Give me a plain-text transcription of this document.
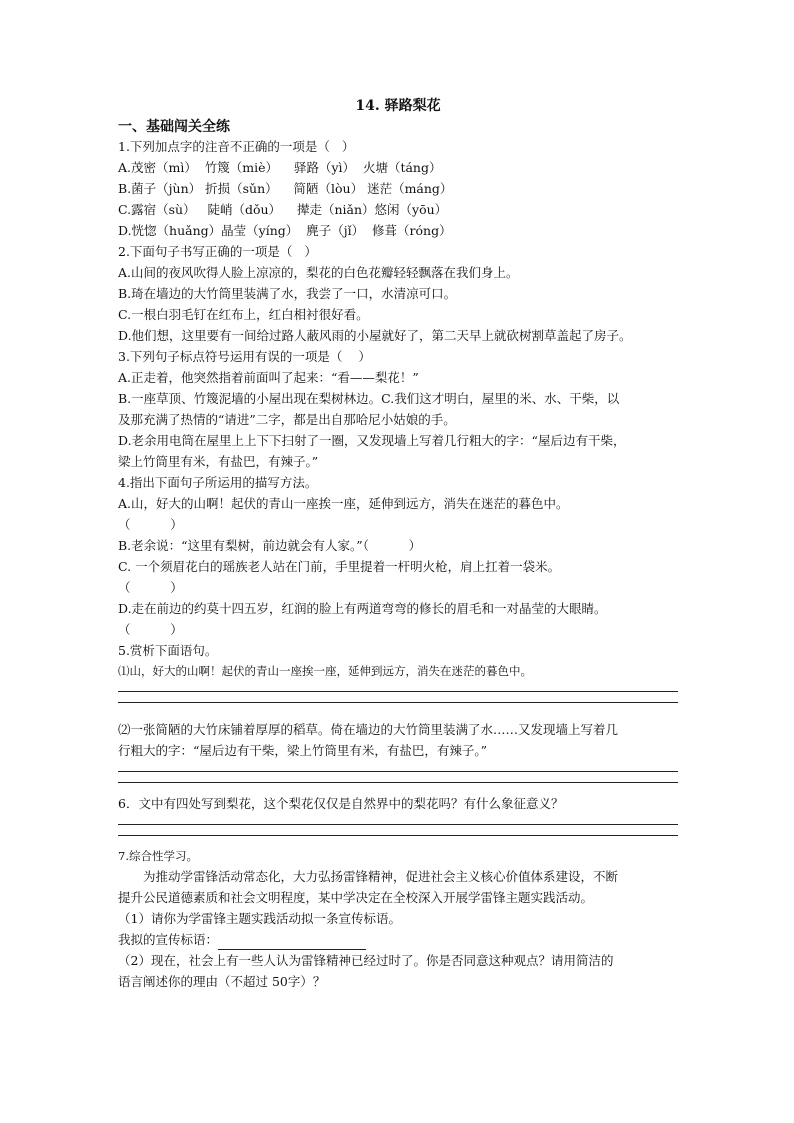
14. 驿路梨花
一、基础闯关全练

1.下列加点字的注音不正确的一项是（   ）

A.茂密（mì）  竹篾（miè）    驿路（yì）  火塘（táng）

B.菌子（jùn） 折损（sǔn）    简陋（lòu） 迷茫（máng）

C.露宿（sù）   陡峭（dǒu）    撵走（niǎn）悠闲（yōu）

D.恍惚（huǎng）晶莹（yíng）  麂子（jǐ）  修葺（róng）

2.下面句子书写正确的一项是（   ）

A.山间的夜风吹得人脸上凉凉的，梨花的白色花瓣轻轻飘落在我们身上。

B.琦在墙边的大竹筒里装满了水，我尝了一口，水清凉可口。

C.一根白羽毛钉在红布上，红白相衬很好看。

D.他们想，这里要有一间给过路人蔽风雨的小屋就好了，第二天早上就砍树割草盖起了房子。

3.下列句子标点符号运用有误的一项是（    ）

A.正走着，他突然指着前面叫了起来：“看——梨花！”

B.一座草顶、竹篾泥墙的小屋出现在梨树林边。C.我们这才明白，屋里的米、水、干柴，以

及那充满了热情的“请进”二字，都是出自那哈尼小姑娘的手。

D.老余用电筒在屋里上上下下扫射了一圈，又发现墙上写着几行粗大的字：“屋后边有干柴，

梁上竹筒里有米，有盐巴，有辣子。”

4.指出下面句子所运用的描写方法。

A.山，好大的山啊！起伏的青山一座挨一座，延伸到远方，消失在迷茫的暮色中。

（          ）

B.老余说：“这里有梨树，前边就会有人家。”（          ）

C. 一个须眉花白的瑶族老人站在门前，手里提着一杆明火枪，肩上扛着一袋米。

（          ）

D.走在前边的约莫十四五岁，红润的脸上有两道弯弯的修长的眉毛和一对晶莹的大眼睛。

（          ）

5.赏析下面语句。

⑴山，好大的山啊！起伏的青山一座挨一座，延伸到远方，消失在迷茫的暮色中。

⑵一张简陋的大竹床铺着厚厚的稻草。倚在墙边的大竹筒里装满了水……又发现墙上写着几

行粗大的字：“屋后边有干柴，梁上竹筒里有米，有盐巴，有辣子。”

6．文中有四处写到梨花，这个梨花仅仅是自然界中的梨花吗？有什么象征意义？

7.综合性学习。

为推动学雷锋活动常态化，大力弘扬雷锋精神，促进社会主义核心价值体系建设，不断

提升公民道德素质和社会文明程度，某中学决定在全校深入开展学雷锋主题实践活动。

（1）请你为学雷锋主题实践活动拟一条宣传标语。

我拟的宣传标语：

（2）现在，社会上有一些人认为雷锋精神已经过时了。你是否同意这种观点？请用简洁的

语言阐述你的理由（不超过 50字）？
